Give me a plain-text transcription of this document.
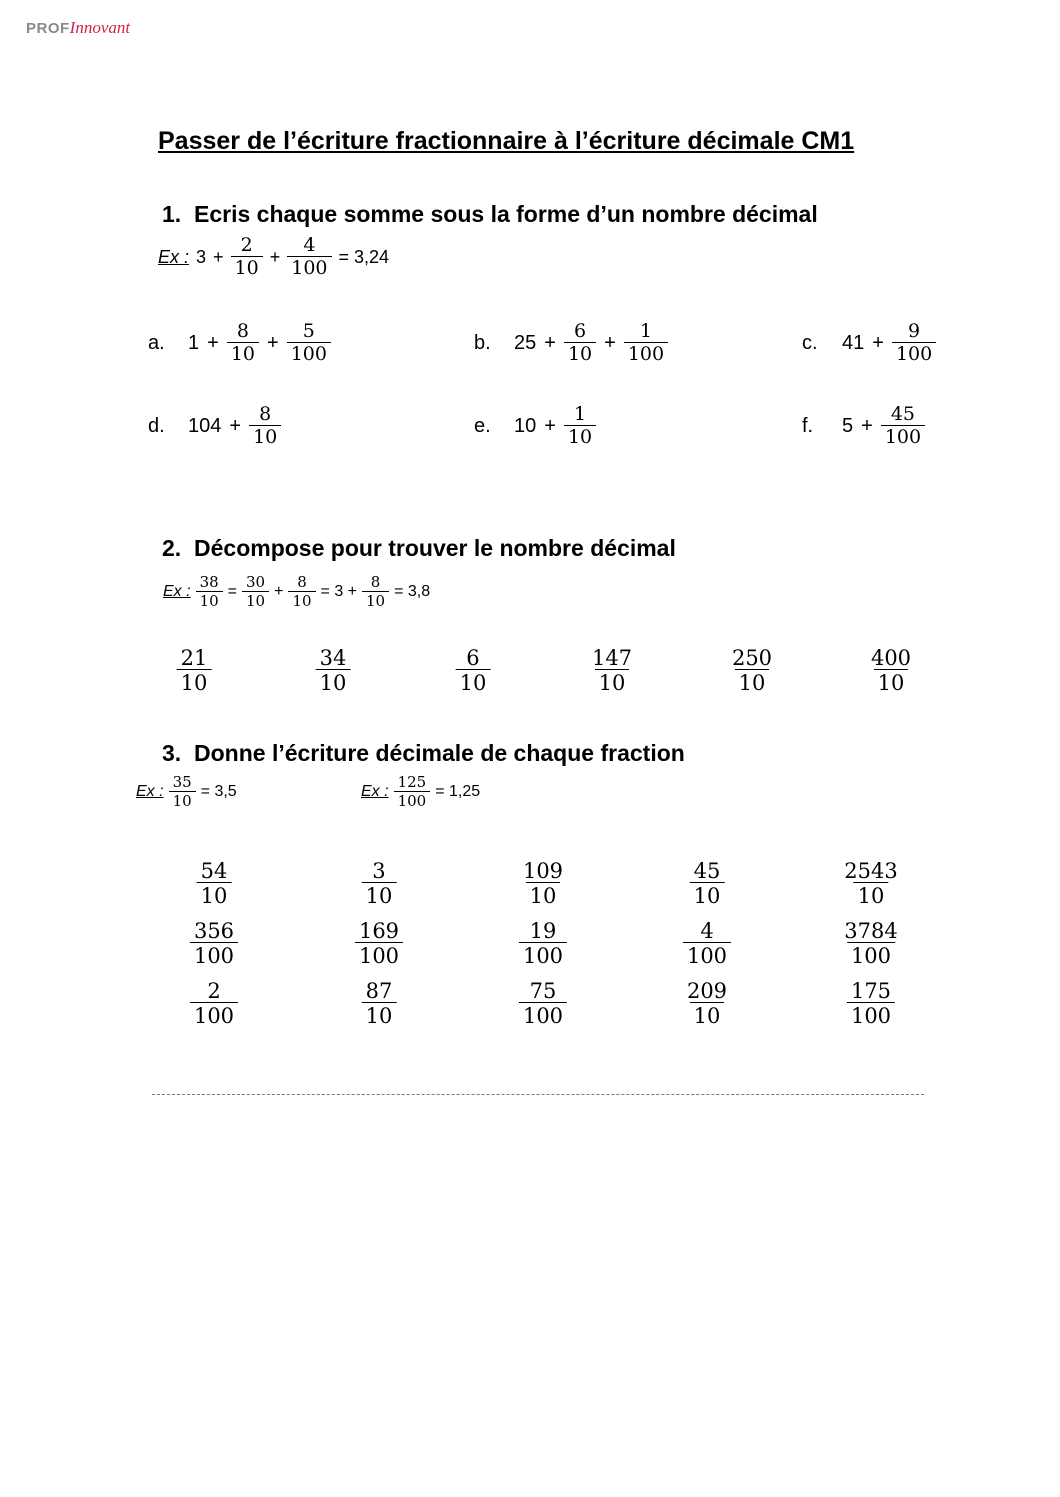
PROFInnovant
Passer de l’écriture fractionnaire à l’écriture décimale CM1
1. Ecris chaque somme sous la forme d’un nombre décimal
Ex : $3 + \frac{2}{10} + \frac{4}{100} = 3,24$
a.	$1 + \frac{8}{10} + \frac{5}{100}$	b.	$25 + \frac{6}{10} + \frac{1}{100}$	c.	$41 + \frac{9}{100}$
d.	$104 + \frac{8}{10}$	e.	$10 + \frac{1}{10}$	f.	$5 + \frac{45}{100}$
2. Décompose pour trouver le nombre décimal
Ex : $\frac{38}{10} = \frac{30}{10} + \frac{8}{10} = 3 + \frac{8}{10} = 3,8$
$\frac{21}{10}$	$\frac{34}{10}$	$\frac{6}{10}$	$\frac{147}{10}$	$\frac{250}{10}$	$\frac{400}{10}$
3. Donne l’écriture décimale de chaque fraction
Ex : $\frac{35}{10} = 3,5$	Ex : $\frac{125}{100} = 1,25$
$\frac{54}{10}$	$\frac{3}{10}$	$\frac{109}{10}$	$\frac{45}{10}$	$\frac{2543}{10}$
$\frac{356}{100}$	$\frac{169}{100}$	$\frac{19}{100}$	$\frac{4}{100}$	$\frac{3784}{100}$
$\frac{2}{100}$	$\frac{87}{10}$	$\frac{75}{100}$	$\frac{209}{10}$	$\frac{175}{100}$
